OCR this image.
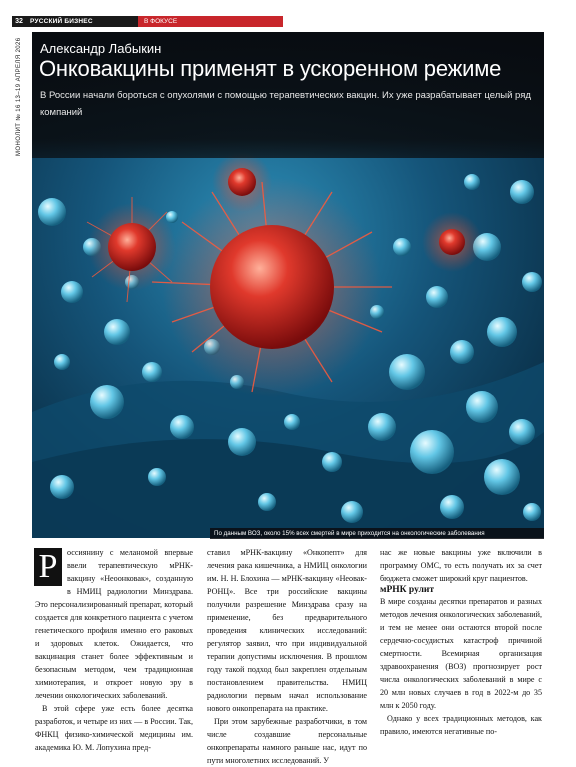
32	РУССКИЙ БИЗНЕС	В ФОКУСЕ
МОНОЛИТ № 16 13–19 АПРЕЛЯ 2026 Александр Лабыкин
Онковакцины применят в ускоренном режиме
В России начали бороться с опухолями с помощью терапевтических вакцин. Их уже разрабатывает целый ряд компаний
По данным ВОЗ, около 15% всех смертей в мире приходится на онкологические заболевания

Р	оссиянину с меланомой впервые ввели терапевтическую мРНК-вакцину «Неоонковак», созданную в НМИЦ радиологии Минздрава. Это персонализированный препарат, который создается для конкретного пациента с учетом генетического профиля именно его раковых и здоровых клеток. Ожидается, что вакцинация станет более эффективным и безопасным методом, чем традиционная химиотерапия, и откроет новую эру в лечении онкологических заболеваний.

В этой сфере уже есть более десятка разработок, и четыре из них — в России. Так, ФНКЦ физико-химической медицины им. академика Ю. М. Лопухина пред-

ставил мРНК-вакцину «Онкопепт» для лечения рака кишечника, а НМИЦ онкологии им. Н. Н. Блохина — мРНК-вакцину «Неовак-РОНЦ». Все три российские вакцины получили разрешение Минздрава сразу на применение, без предварительного проведения клинических исследований: регулятор заявил, что при индивидуальной терапии допустимы исключения. В прошлом году такой подход был закреплен отдельным постановлением правительства. НМИЦ радиологии первым начал использование нового онкопрепарата на практике.

При этом зарубежные разработчики, в том числе создавшие персональные онкопрепараты намного раньше нас, идут по пути многолетних исследований. У

нас же новые вакцины уже включили в программу ОМС, то есть получать их за счет бюджета сможет широкий круг пациентов.

мРНК рулит

В мире созданы десятки препаратов и разных методов лечения онкологических заболеваний, и тем не менее они остаются второй после сердечно-сосудистых катастроф причиной смертности. Всемирная организация здравоохранения (ВОЗ) прогнозирует рост числа онкологических заболеваний в мире с 20 млн новых случаев в год в 2022-м до 35 млн к 2050 году.

Однако у всех традиционных методов, как правило, имеются негативные по-
